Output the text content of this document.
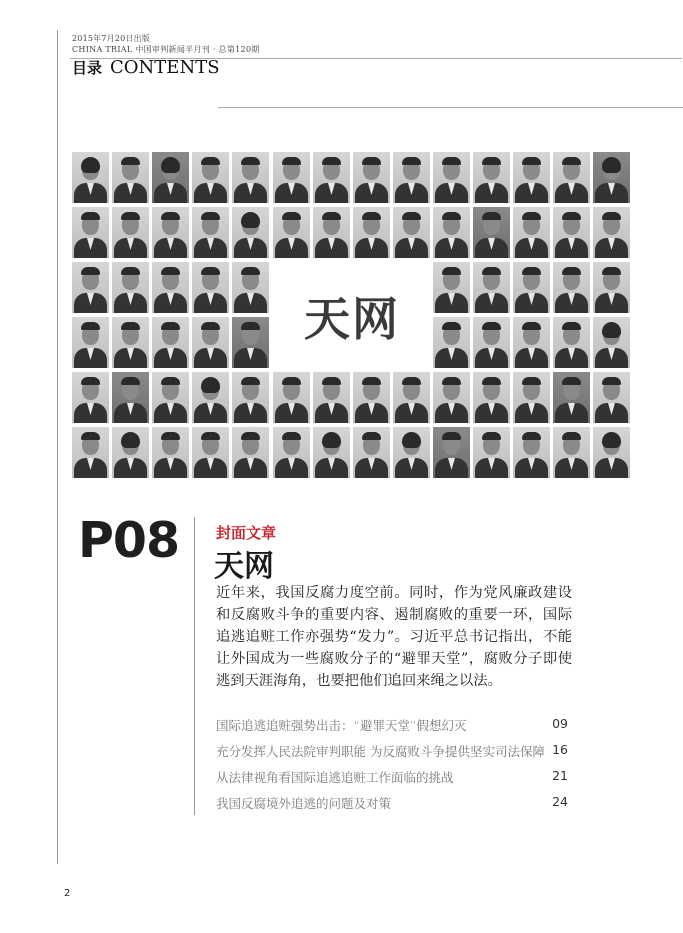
2015年7月20日出版
CHINA TRIAL 中国审判新闻半月刊 · 总第120期
目录 CONTENTS
天网
P08 封面文章
天网

近年来，我国反腐力度空前。同时，作为党风廉政建设和反腐败斗争的重要内容、遏制腐败的重要一环，国际追逃追赃工作亦强势“发力”。习近平总书记指出，不能让外国成为一些腐败分子的“避罪天堂”，腐败分子即使逃到天涯海角，也要把他们追回来绳之以法。

国际追逃追赃强势出击：“避罪天堂”假想幻灭	09
充分发挥人民法院审判职能 为反腐败斗争提供坚实司法保障 16
从法律视角看国际追逃追赃工作面临的挑战	21
我国反腐境外追逃的问题及对策	24
2
